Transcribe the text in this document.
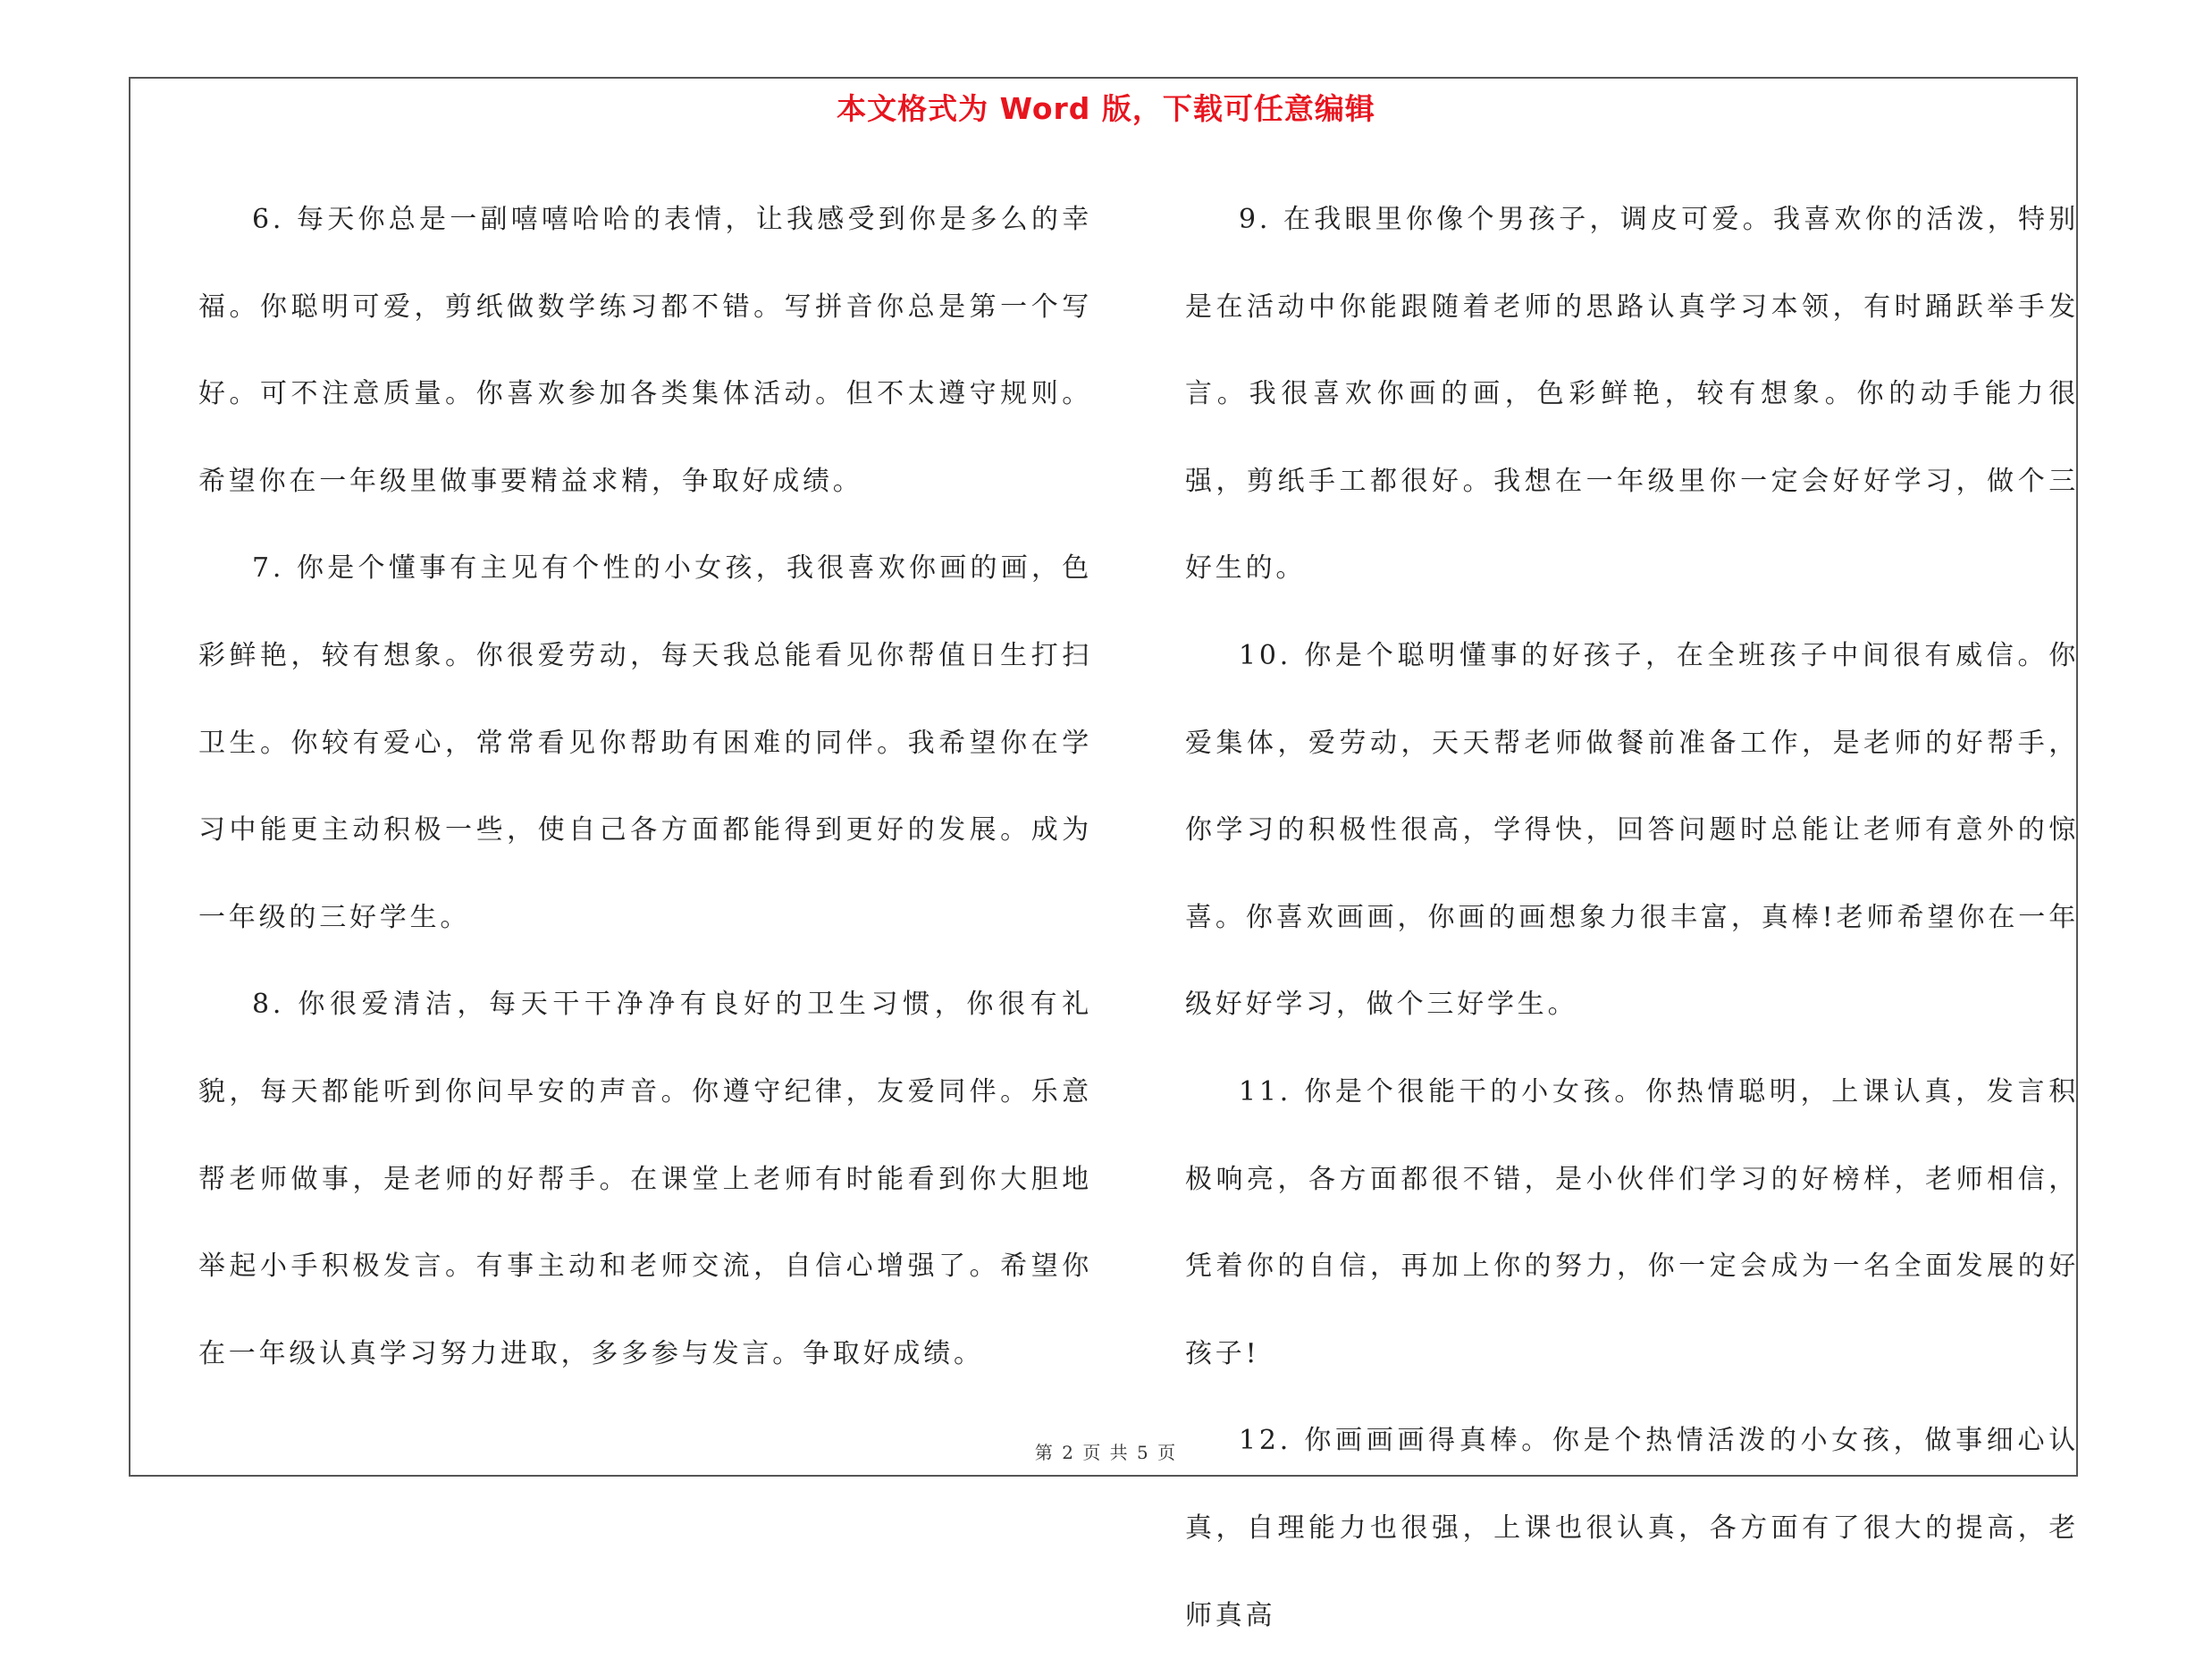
本文格式为 Word 版，下载可任意编辑

6. 每天你总是一副嘻嘻哈哈的表情，让我感受到你是多么的幸福。你聪明可爱，剪纸做数学练习都不错。写拼音你总是第一个写好。可不注意质量。你喜欢参加各类集体活动。但不太遵守规则。希望你在一年级里做事要精益求精，争取好成绩。

7. 你是个懂事有主见有个性的小女孩，我很喜欢你画的画，色彩鲜艳，较有想象。你很爱劳动，每天我总能看见你帮值日生打扫卫生。你较有爱心，常常看见你帮助有困难的同伴。我希望你在学习中能更主动积极一些，使自己各方面都能得到更好的发展。成为一年级的三好学生。

8. 你很爱清洁，每天干干净净有良好的卫生习惯，你很有礼貌，每天都能听到你问早安的声音。你遵守纪律，友爱同伴。乐意帮老师做事，是老师的好帮手。在课堂上老师有时能看到你大胆地举起小手积极发言。有事主动和老师交流，自信心增强了。希望你在一年级认真学习努力进取，多多参与发言。争取好成绩。

9. 在我眼里你像个男孩子，调皮可爱。我喜欢你的活泼，特别是在活动中你能跟随着老师的思路认真学习本领，有时踊跃举手发言。我很喜欢你画的画，色彩鲜艳，较有想象。你的动手能力很强，剪纸手工都很好。我想在一年级里你一定会好好学习，做个三好生的。

10. 你是个聪明懂事的好孩子，在全班孩子中间很有威信。你爱集体，爱劳动，天天帮老师做餐前准备工作，是老师的好帮手，你学习的积极性很高，学得快，回答问题时总能让老师有意外的惊喜。你喜欢画画，你画的画想象力很丰富，真棒!老师希望你在一年级好好学习，做个三好学生。

11. 你是个很能干的小女孩。你热情聪明，上课认真，发言积极响亮，各方面都很不错，是小伙伴们学习的好榜样，老师相信，凭着你的自信，再加上你的努力，你一定会成为一名全面发展的好孩子!

12. 你画画画得真棒。你是个热情活泼的小女孩，做事细心认真，自理能力也很强，上课也很认真，各方面有了很大的提高，老师真高

第 2 页 共 5 页
